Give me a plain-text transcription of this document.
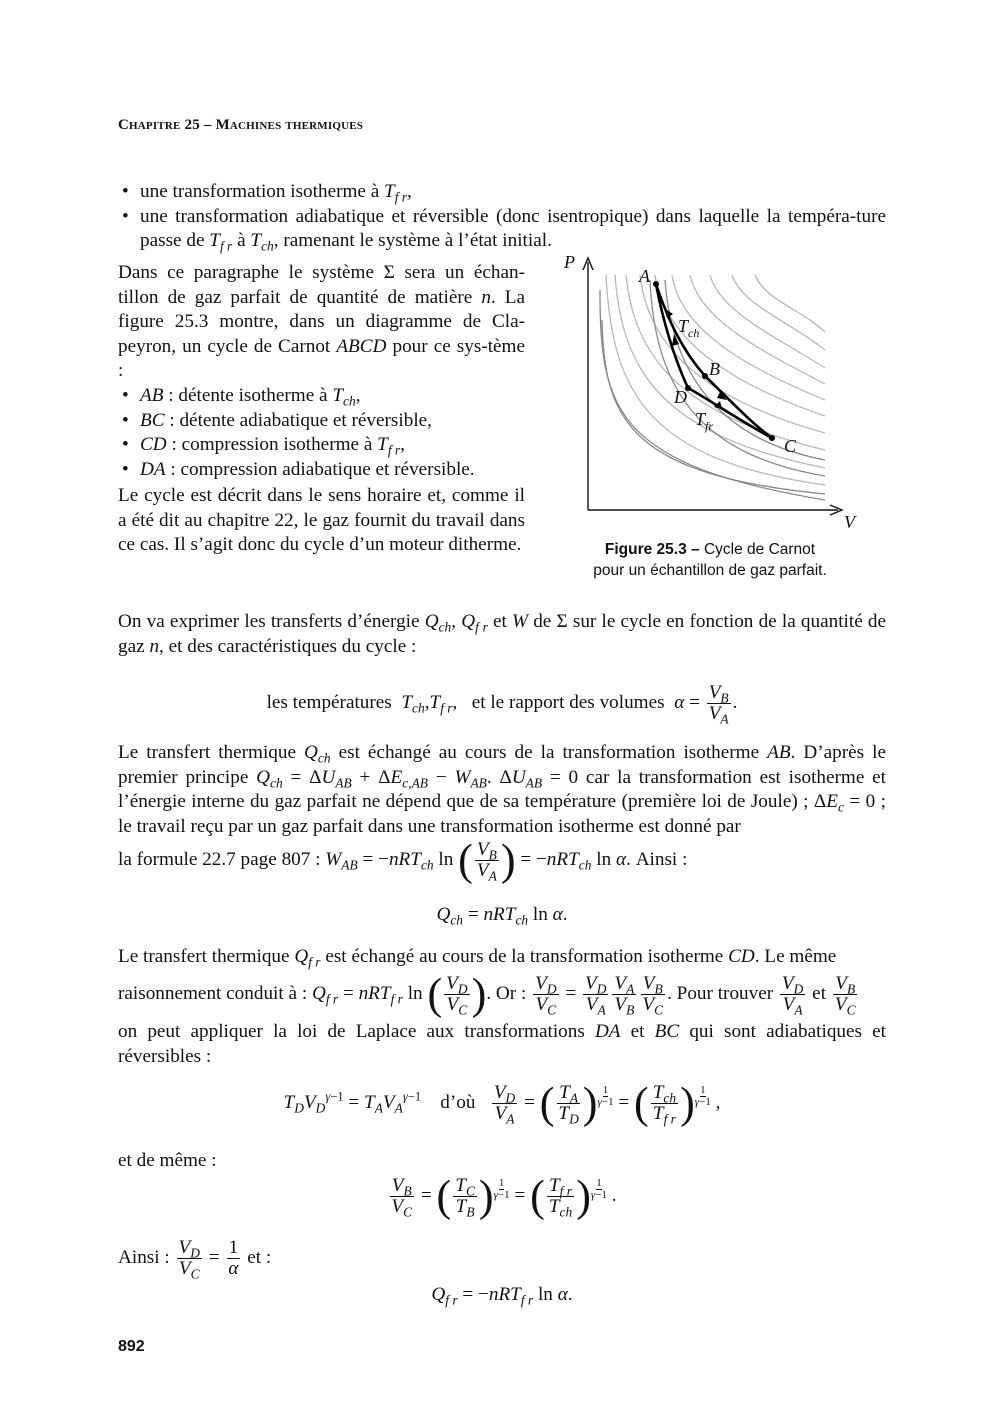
Chapitre 25 – Machines thermiques

• une transformation isotherme à $T_{f r}$,

• une transformation adiabatique et réversible (donc isentropique) dans laquelle la tempéra-ture passe de $T_{f r}$ à $T_{ch}$, ramenant le système à l’état initial.

Dans ce paragraphe le système Σ sera un échan-tillon de gaz parfait de quantité de matière n. La figure 25.3 montre, dans un diagramme de Cla-peyron, un cycle de Carnot ABCD pour ce sys-tème :

• AB : détente isotherme à $T_{ch}$,

• BC : détente adiabatique et réversible,

• CD : compression isotherme à $T_{f r}$,

• DA : compression adiabatique et réversible.

Le cycle est décrit dans le sens horaire et, comme il a été dit au chapitre 22, le gaz fournit du travail dans ce cas. Il s’agit donc du cycle d’un moteur ditherme.
P
V
A
B
C
D
$T_{ch}$
$T_{fr}$
Figure 25.3 – Cycle de Carnot pour un échantillon de gaz parfait.
On va exprimer les transferts d’énergie $Q_{ch}$, $Q_{f r}$ et W de Σ sur le cycle en fonction de la quantité de gaz n, et des caractéristiques du cycle :
les températures $T_{ch},T_{f r}$,   et le rapport des volumes $\alpha = \frac{V_B}{V_A}$ .
Le transfert thermique $Q_{ch}$ est échangé au cours de la transformation isotherme AB. D’après le premier principe $Q_{ch} = \Delta U_{AB} + \Delta E_{c,AB} - W_{AB}$. $\Delta U_{AB} = 0$ car la transformation est isotherme et l’énergie interne du gaz parfait ne dépend que de sa température (première loi de Joule) ; $\Delta E_c = 0$ ; le travail reçu par un gaz parfait dans une transformation isotherme est donné par
la formule 22.7 page 807 : $W_{AB} = -nRT_{ch}$ ln ( $\frac{V_B}{V_A}$ ) = −nRT$_{ch}$ ln α. Ainsi :
$Q_{ch} = nRT_{ch}$ ln α.
Le transfert thermique $Q_{f r}$ est échangé au cours de la transformation isotherme CD. Le même
raisonnement conduit à : $Q_{f r} = nRT_{f r}$ ln ( $\frac{V_D}{V_C}$ ). Or : $\frac{V_D}{V_C} = \frac{V_D}{V_A} \frac{V_A}{V_B} \frac{V_B}{V_C}$ . Pour trouver $\frac{V_D}{V_A}$ et $\frac{V_B}{V_C}$
on peut appliquer la loi de Laplace aux transformations DA et BC qui sont adiabatiques et réversibles :
$T_DV_D^{\gamma-1} = T_AV_A^{\gamma-1}$ d’où $\frac{V_D}{V_A}$ = ( $\frac{T_A}{T_D}$ ) $\frac{1}{\gamma-1}$ = ( $\frac{T_{ch}}{T_{f r}}$ ) $\frac{1}{\gamma-1}$ ,
et de même :
$\frac{V_B}{V_C}$ = ( $\frac{T_C}{T_B}$ ) $\frac{1}{\gamma-1}$ = ( $\frac{T_{f r}}{T_{ch}}$ ) $\frac{1}{\gamma-1}$ .
Ainsi : $\frac{V_D}{V_C} = \frac{1}{\alpha}$ et :
$Q_{f r} = -nRT_{f r}$ ln α.
892
